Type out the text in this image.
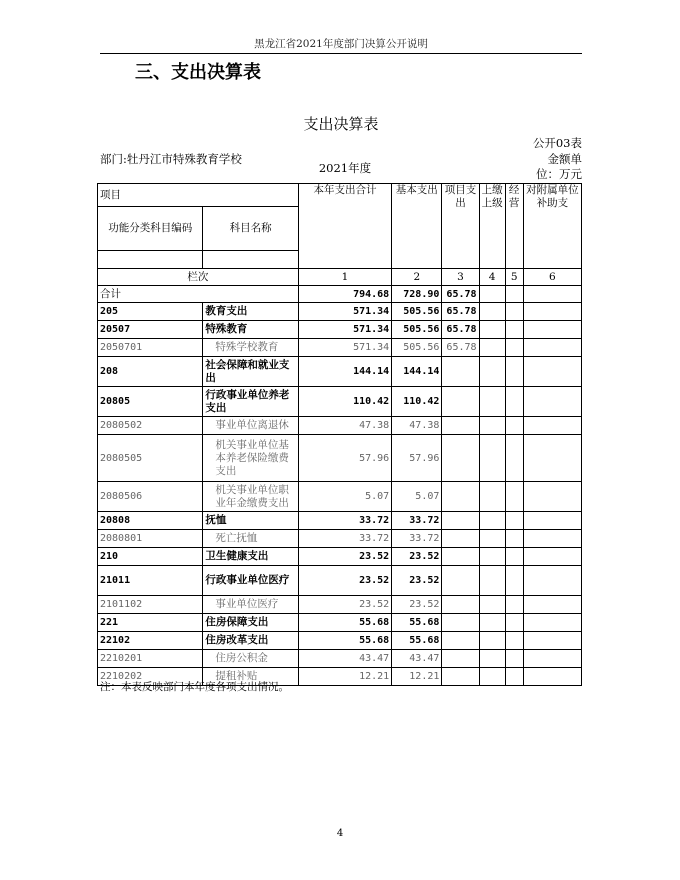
黑龙江省2021年度部门决算公开说明
三、支出决算表
支出决算表
公开03表
部门:牡丹江市特殊教育学校
2021年度
金额单位：万元
项目		本年支出合计	基本支出	项目支出	上缴上级	经营	对附属单位补助支
功能分类科目编码	科目名称						

栏次		1	2	3	4	5	6
合计		794.68	728.90	65.78			
205	教育支出	571.34	505.56	65.78			
20507	特殊教育	571.34	505.56	65.78			
2050701	特殊学校教育	571.34	505.56	65.78			
208	社会保障和就业支出	144.14	144.14				
20805	行政事业单位养老支出	110.42	110.42				
2080502	事业单位离退休	47.38	47.38				
2080505	机关事业单位基本养老保险缴费支出	57.96	57.96				
2080506	机关事业单位职业年金缴费支出	5.07	5.07				
20808	抚恤	33.72	33.72				
2080801	死亡抚恤	33.72	33.72				
210	卫生健康支出	23.52	23.52				
21011	行政事业单位医疗	23.52	23.52				
2101102	事业单位医疗	23.52	23.52				
221	住房保障支出	55.68	55.68				
22102	住房改革支出	55.68	55.68				
2210201	住房公积金	43.47	43.47				
2210202	提租补贴	12.21	12.21				
注：本表反映部门本年度各项支出情况。
4
